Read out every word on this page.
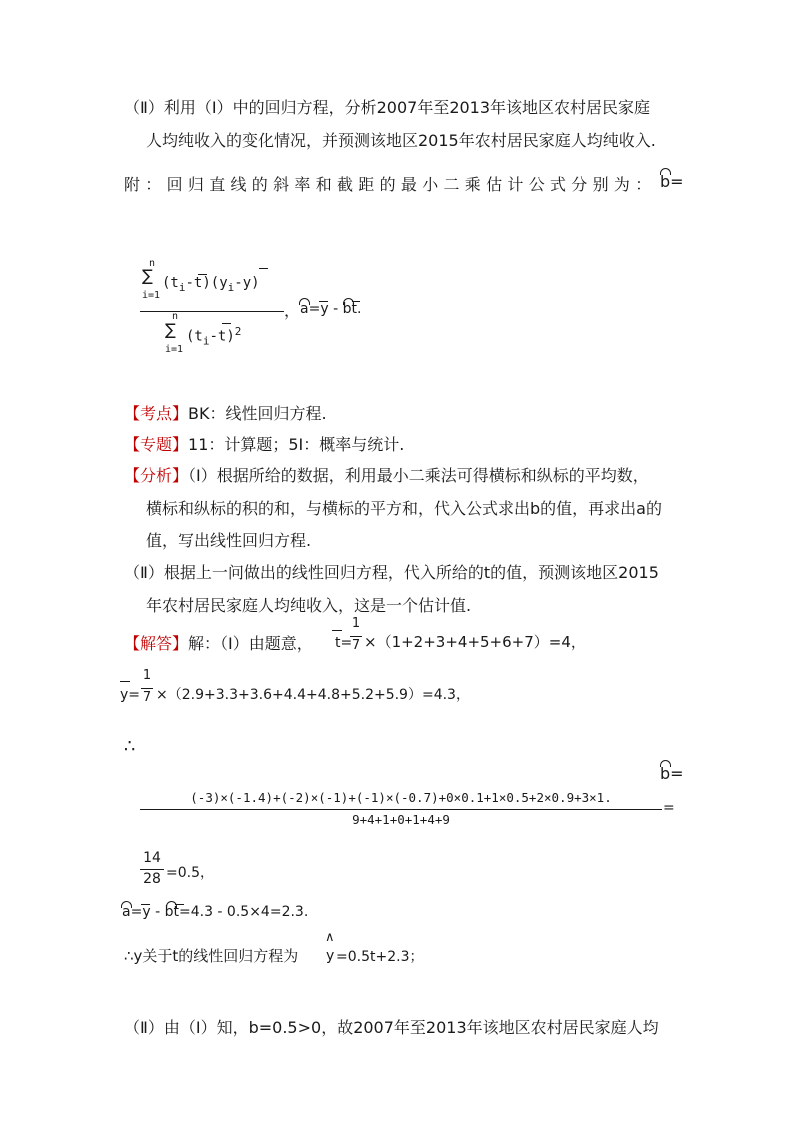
（Ⅱ）利用（Ⅰ）中的回归方程，分析2007年至2013年该地区农村居民家庭
人均纯收入的变化情况，并预测该地区2015年农村居民家庭人均纯收入.
附：回归直线的斜率和截距的最小二乘估计公式分别为： b=
n
∑
i=1
$(t_i-t)(y_i-y)$
n
∑
i=1
$(t_i-t)^2$
， a=y - bt.
【考点】BK：线性回归方程.
【专题】11：计算题；5I：概率与统计.
【分析】（Ⅰ）根据所给的数据，利用最小二乘法可得横标和纵标的平均数，
横标和纵标的积的和，与横标的平方和，代入公式求出b的值，再求出a的
值，写出线性回归方程.
（Ⅱ）根据上一问做出的线性回归方程，代入所给的t的值，预测该地区2015
年农村居民家庭人均纯收入，这是一个估计值.
【解答】解：（Ⅰ）由题意， t=
1
7 ×（1+2+3+4+5+6+7）=4，
y=
1
7 ×（2.9+3.3+3.6+4.4+4.8+5.2+5.9）=4.3，
∴
b=
(-3)×(-1.4)+(-2)×(-1)+(-1)×(-0.7)+0×0.1+1×0.5+2×0.9+3×1.
9+4+1+0+1+4+9
=
14
28 =0.5，
a=y - bt=4.3 - 0.5×4=2.3.
∴y关于t的线性回归方程为
∧
y =0.5t+2.3；
（Ⅱ）由（Ⅰ）知，b=0.5>0，故2007年至2013年该地区农村居民家庭人均
